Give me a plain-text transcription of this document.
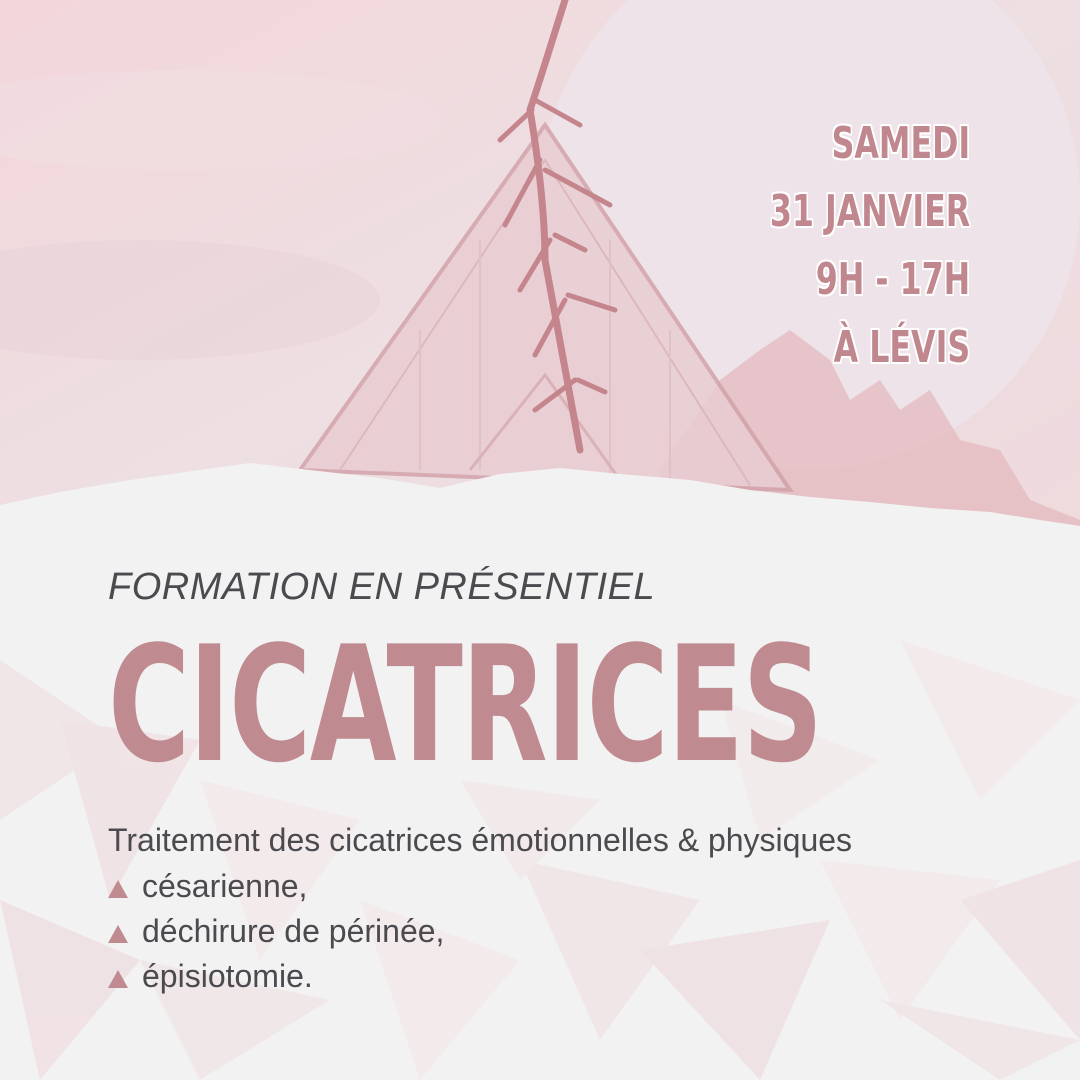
SAMEDI
31 JANVIER
9H - 17H
À LÉVIS
FORMATION EN PRÉSENTIEL
CICATRICES
Traitement des cicatrices émotionnelles & physiques
césarienne,
déchirure de périnée,
épisiotomie.
